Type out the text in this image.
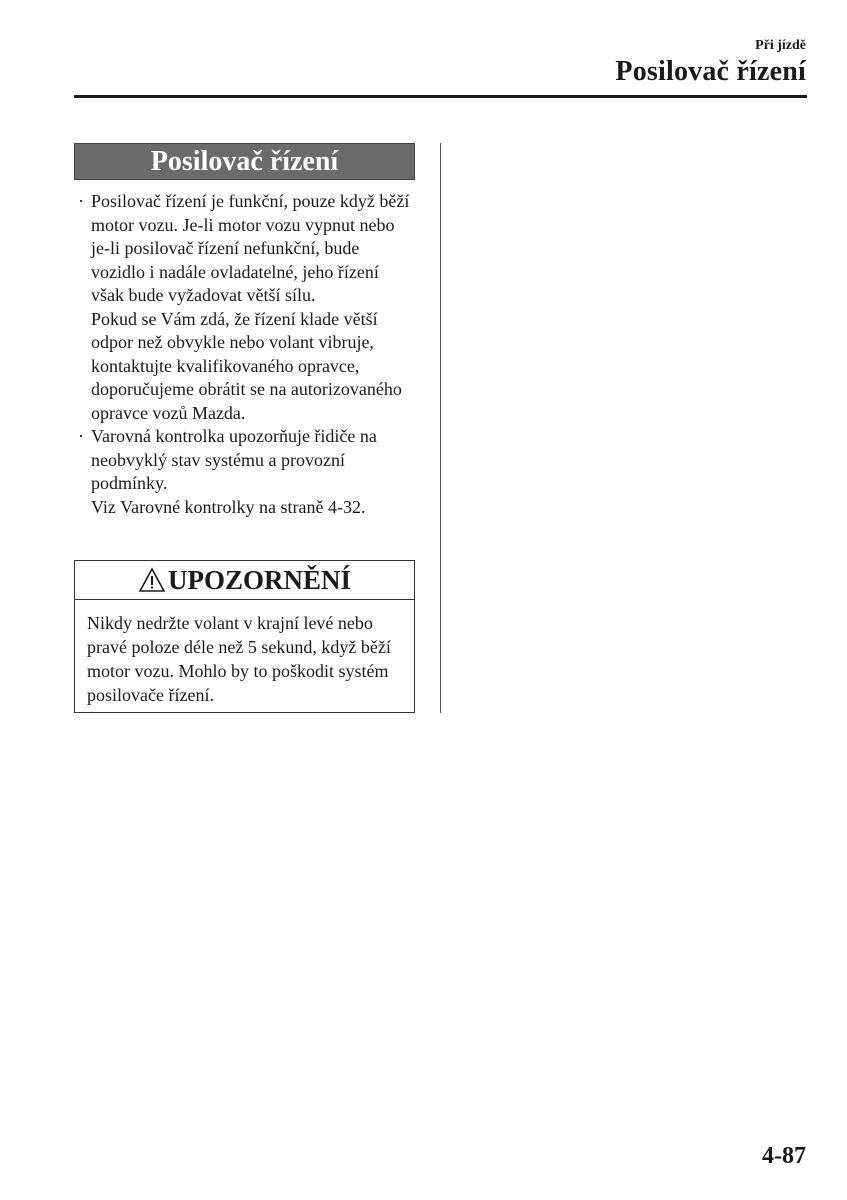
Při jízdě
Posilovač řízení
Posilovač řízení
· Posilovač řízení je funkční, pouze když běží motor vozu. Je-li motor vozu vypnut nebo je-li posilovač řízení nefunkční, bude vozidlo i nadále ovladatelné, jeho řízení však bude vyžadovat větší sílu.
Pokud se Vám zdá, že řízení klade větší odpor než obvykle nebo volant vibruje, kontaktujte kvalifikovaného opravce, doporučujeme obrátit se na autorizovaného opravce vozů Mazda.
· Varovná kontrolka upozorňuje řidiče na neobvyklý stav systému a provozní podmínky.
Viz Varovné kontrolky na straně 4-32.
UPOZORNĚNÍ
Nikdy nedržte volant v krajní levé nebo pravé poloze déle než 5 sekund, když běží motor vozu. Mohlo by to poškodit systém posilovače řízení.
4-87
